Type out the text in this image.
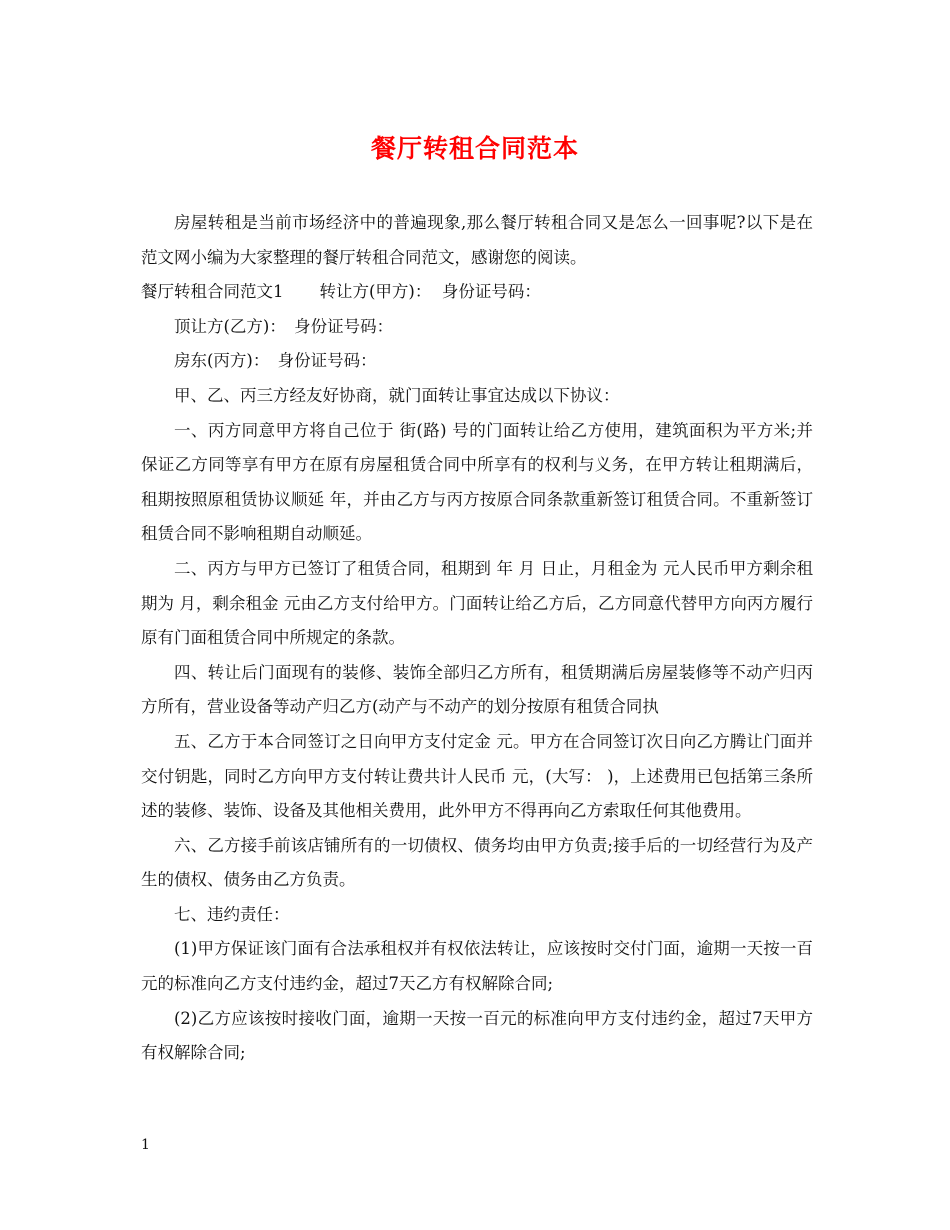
餐厅转租合同范本

房屋转租是当前市场经济中的普遍现象,那么餐厅转租合同又是怎么一回事呢?以下是在范文网小编为大家整理的餐厅转租合同范文，感谢您的阅读。

餐厅转租合同范文1 转让方(甲方)： 身份证号码：

顶让方(乙方)：　身份证号码：

房东(丙方)：　身份证号码：

甲、乙、丙三方经友好协商，就门面转让事宜达成以下协议：

一、丙方同意甲方将自己位于 街(路) 号的门面转让给乙方使用，建筑面积为平方米;并保证乙方同等享有甲方在原有房屋租赁合同中所享有的权利与义务，在甲方转让租期满后，租期按照原租赁协议顺延 年，并由乙方与丙方按原合同条款重新签订租赁合同。不重新签订租赁合同不影响租期自动顺延。

二、丙方与甲方已签订了租赁合同，租期到 年 月 日止，月租金为 元人民币甲方剩余租期为 月，剩余租金 元由乙方支付给甲方。门面转让给乙方后，乙方同意代替甲方向丙方履行原有门面租赁合同中所规定的条款。

四、转让后门面现有的装修、装饰全部归乙方所有，租赁期满后房屋装修等不动产归丙方所有，营业设备等动产归乙方(动产与不动产的划分按原有租赁合同执

五、乙方于本合同签订之日向甲方支付定金 元。甲方在合同签订次日向乙方腾让门面并交付钥匙，同时乙方向甲方支付转让费共计人民币 元，(大写： )，上述费用已包括第三条所述的装修、装饰、设备及其他相关费用，此外甲方不得再向乙方索取任何其他费用。

六、乙方接手前该店铺所有的一切债权、债务均由甲方负责;接手后的一切经营行为及产生的债权、债务由乙方负责。

七、违约责任：

(1)甲方保证该门面有合法承租权并有权依法转让，应该按时交付门面，逾期一天按一百元的标准向乙方支付违约金，超过7天乙方有权解除合同;

(2)乙方应该按时接收门面，逾期一天按一百元的标准向甲方支付违约金，超过7天甲方有权解除合同;

1
